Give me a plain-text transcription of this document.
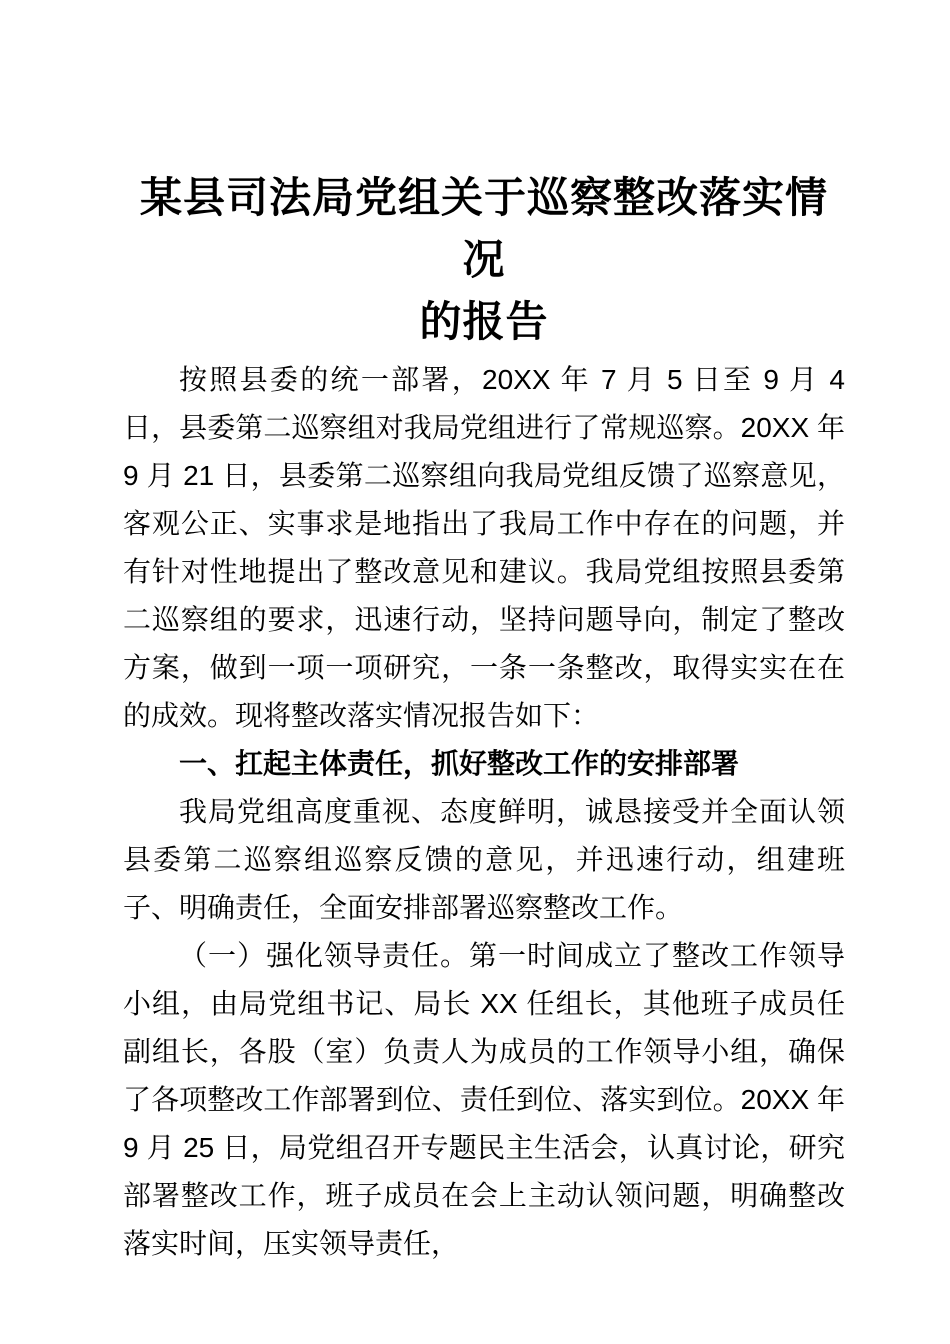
某县司法局党组关于巡察整改落实情况
的报告

按照县委的统一部署，20XX 年 7 月 5 日至 9 月 4 日，县委第二巡察组对我局党组进行了常规巡察。20XX 年 9 月 21 日，县委第二巡察组向我局党组反馈了巡察意见，客观公正、实事求是地指出了我局工作中存在的问题，并有针对性地提出了整改意见和建议。我局党组按照县委第二巡察组的要求，迅速行动，坚持问题导向，制定了整改方案，做到一项一项研究，一条一条整改，取得实实在在的成效。现将整改落实情况报告如下：

一、扛起主体责任，抓好整改工作的安排部署

我局党组高度重视、态度鲜明，诚恳接受并全面认领县委第二巡察组巡察反馈的意见，并迅速行动，组建班子、明确责任，全面安排部署巡察整改工作。

（一）强化领导责任。第一时间成立了整改工作领导小组，由局党组书记、局长 XX 任组长，其他班子成员任副组长，各股（室）负责人为成员的工作领导小组，确保了各项整改工作部署到位、责任到位、落实到位。20XX 年 9 月 25 日，局党组召开专题民主生活会，认真讨论，研究部署整改工作，班子成员在会上主动认领问题，明确整改落实时间，压实领导责任，
